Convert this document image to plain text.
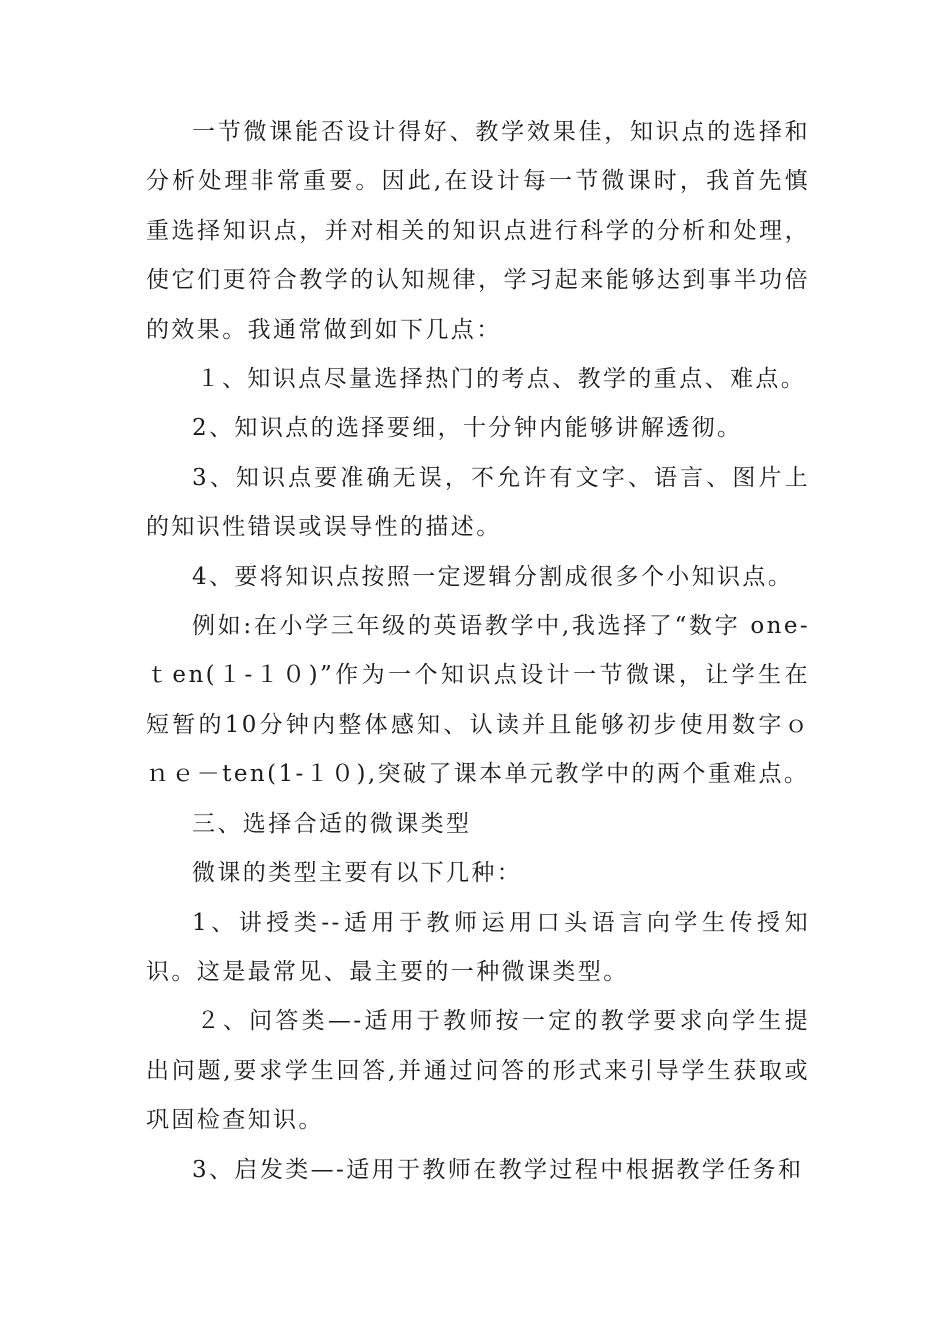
一节微课能否设计得好、教学效果佳，知识点的选择和分析处理非常重要。因此,在设计每一节微课时，我首先慎重选择知识点，并对相关的知识点进行科学的分析和处理，使它们更符合教学的认知规律，学习起来能够达到事半功倍的效果。我通常做到如下几点：

１、知识点尽量选择热门的考点、教学的重点、难点。

2、知识点的选择要细，十分钟内能够讲解透彻。

3、知识点要准确无误，不允许有文字、语言、图片上的知识性错误或误导性的描述。

4、要将知识点按照一定逻辑分割成很多个小知识点。

例如:在小学三年级的英语教学中,我选择了“数字 one-ｔen(１-１０)”作为一个知识点设计一节微课，让学生在短暂的10分钟内整体感知、认读并且能够初步使用数字ｏｎｅ－ten(1-１０),突破了课本单元教学中的两个重难点。

三、选择合适的微课类型

微课的类型主要有以下几种：

1、讲授类--适用于教师运用口头语言向学生传授知识。这是最常见、最主要的一种微课类型。

２、问答类—-适用于教师按一定的教学要求向学生提出问题,要求学生回答,并通过问答的形式来引导学生获取或巩固检查知识。

3、启发类—-适用于教师在教学过程中根据教学任务和
